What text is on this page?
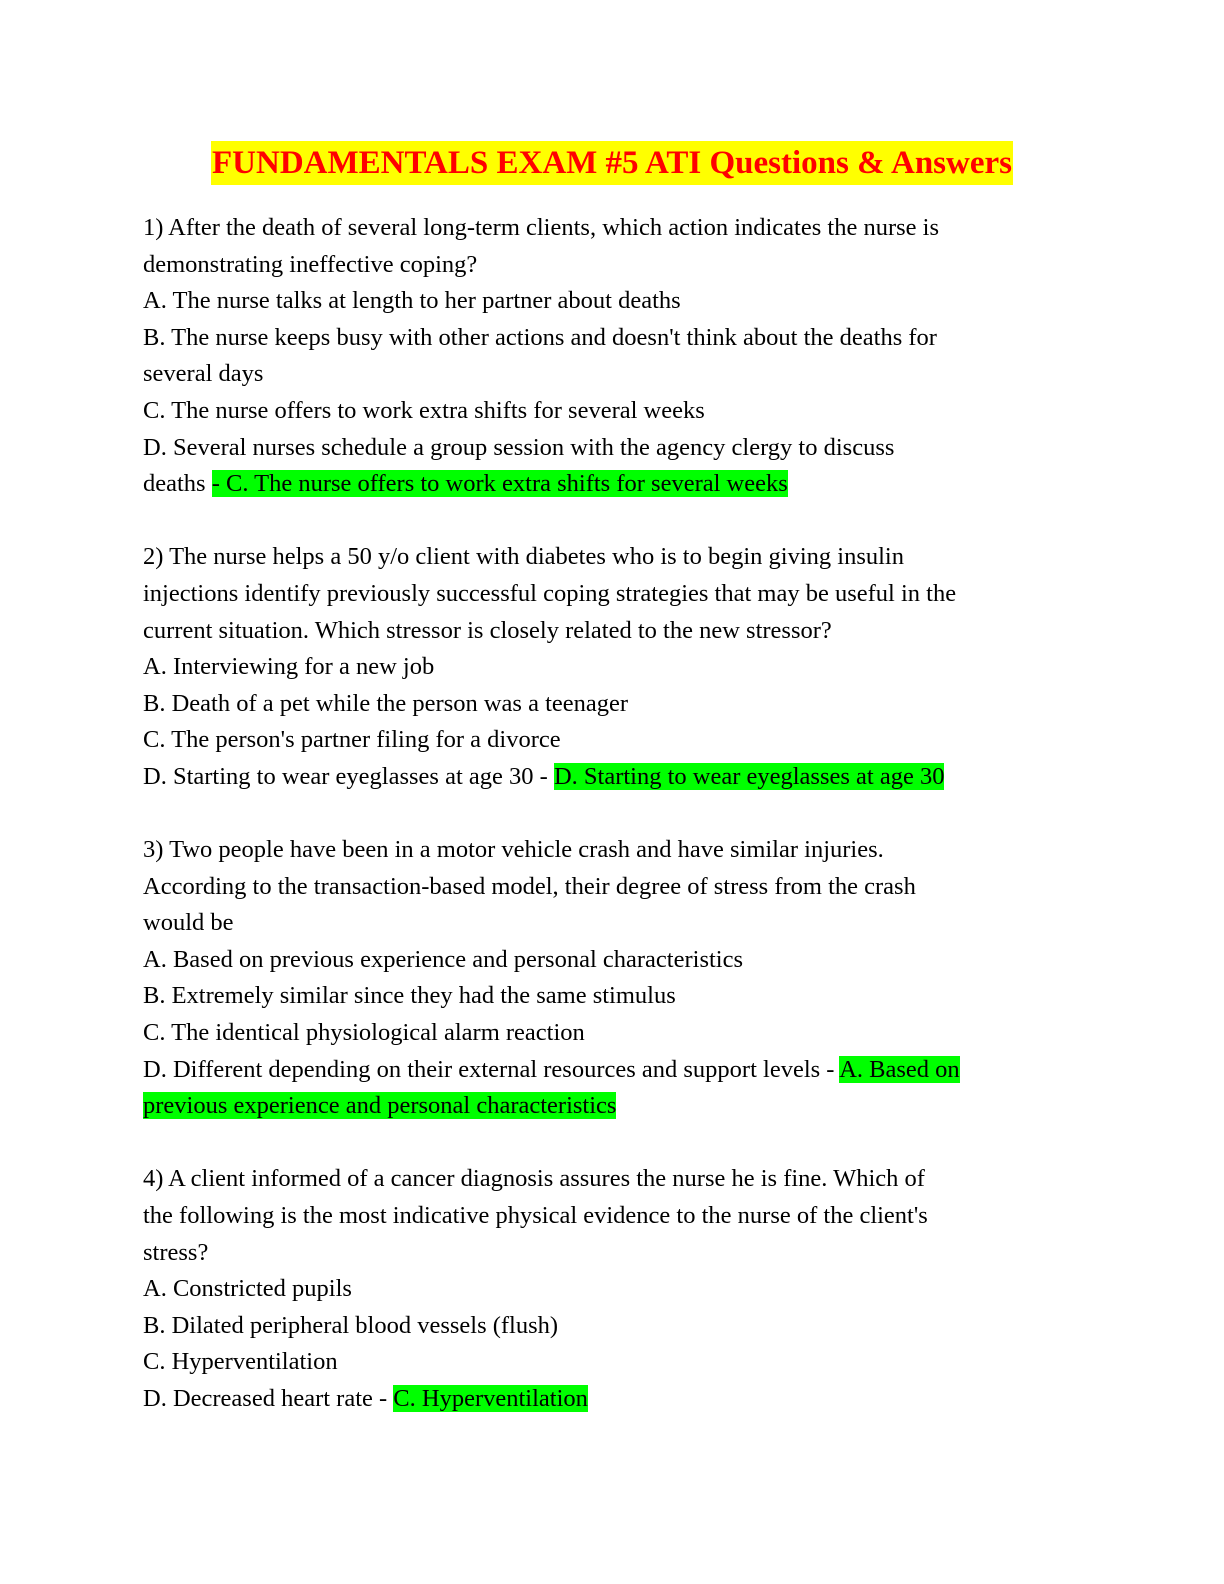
FUNDAMENTALS EXAM #5 ATI Questions & Answers
1) After the death of several long-term clients, which action indicates the nurse is
demonstrating ineffective coping?
A. The nurse talks at length to her partner about deaths
B. The nurse keeps busy with other actions and doesn't think about the deaths for
several days
C. The nurse offers to work extra shifts for several weeks
D. Several nurses schedule a group session with the agency clergy to discuss
deaths - C. The nurse offers to work extra shifts for several weeks
2) The nurse helps a 50 y/o client with diabetes who is to begin giving insulin
injections identify previously successful coping strategies that may be useful in the
current situation. Which stressor is closely related to the new stressor?
A. Interviewing for a new job
B. Death of a pet while the person was a teenager
C. The person's partner filing for a divorce
D. Starting to wear eyeglasses at age 30 - D. Starting to wear eyeglasses at age 30
3) Two people have been in a motor vehicle crash and have similar injuries.
According to the transaction-based model, their degree of stress from the crash
would be
A. Based on previous experience and personal characteristics
B. Extremely similar since they had the same stimulus
C. The identical physiological alarm reaction
D. Different depending on their external resources and support levels - A. Based on
previous experience and personal characteristics
4) A client informed of a cancer diagnosis assures the nurse he is fine. Which of
the following is the most indicative physical evidence to the nurse of the client's
stress?
A. Constricted pupils
B. Dilated peripheral blood vessels (flush)
C. Hyperventilation
D. Decreased heart rate - C. Hyperventilation
